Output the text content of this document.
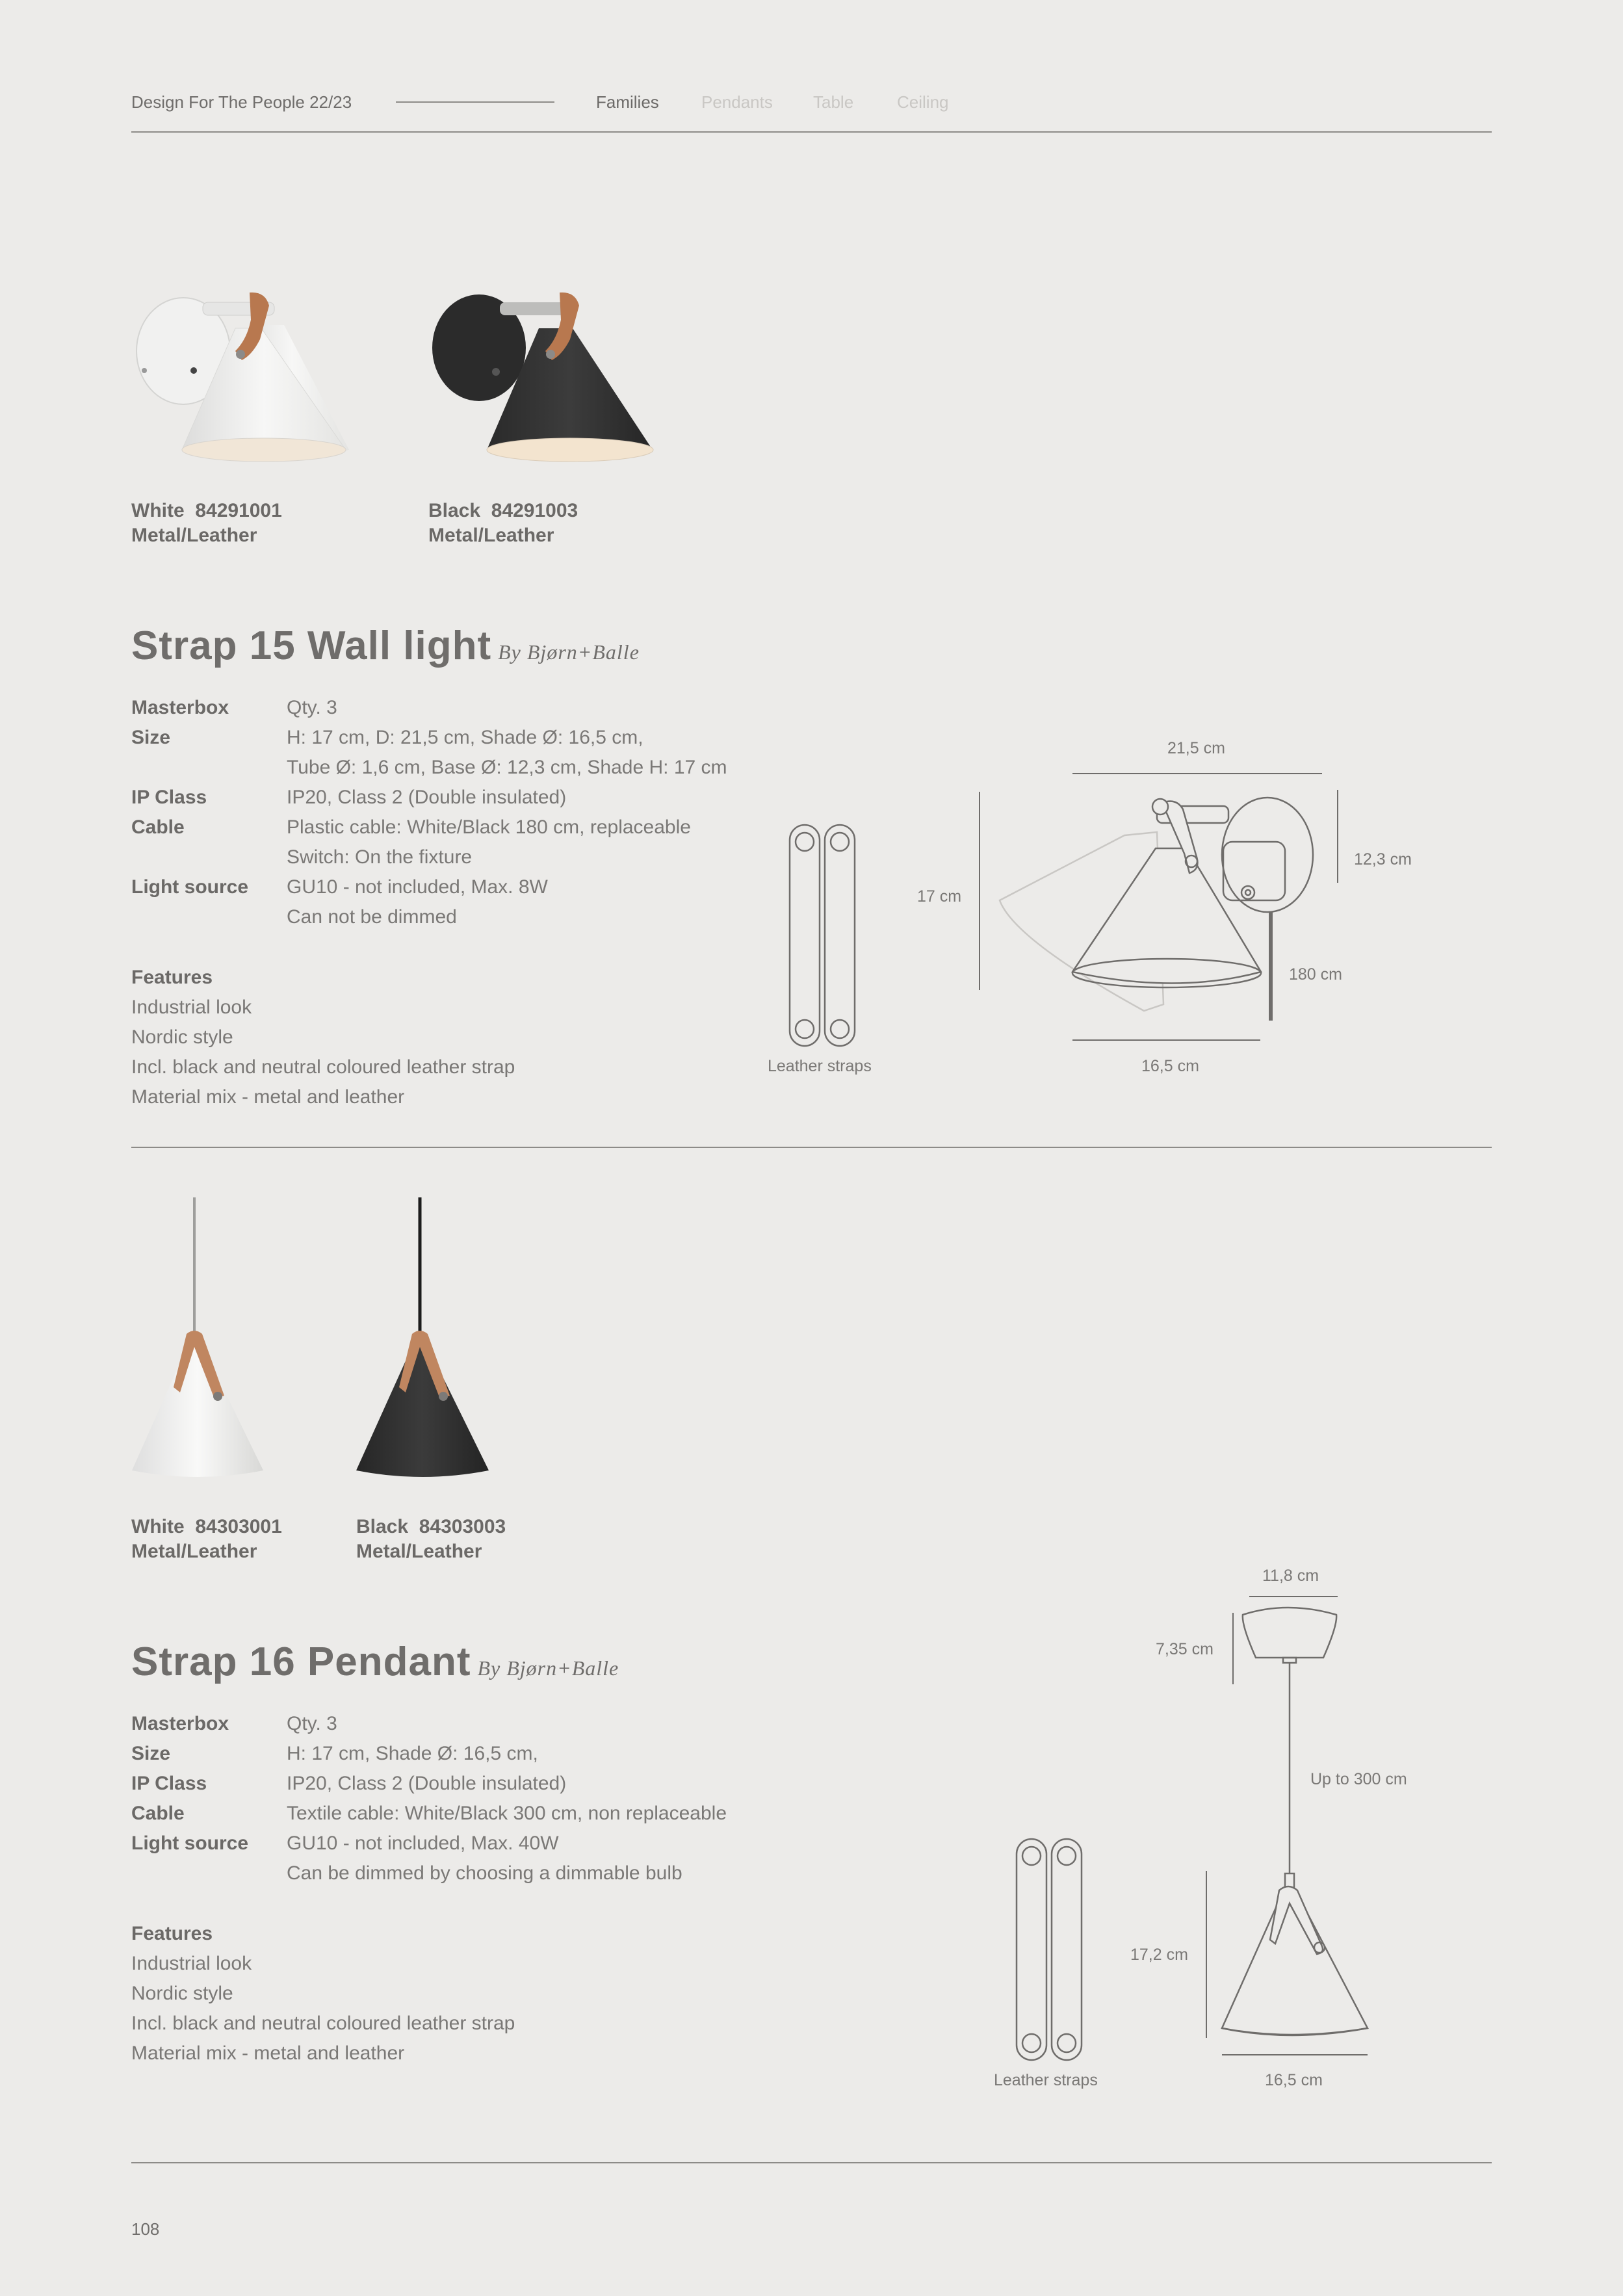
Design For The People 22/23	Families	Pendants Table	Ceiling
White 84291001
Metal/Leather
Black 84291003
Metal/Leather
Strap 15 Wall light By Bjørn+Balle
Masterbox	Qty. 3
Size	H: 17 cm, D: 21,5 cm, Shade Ø: 16,5 cm,
Tube Ø: 1,6 cm, Base Ø: 12,3 cm, Shade H: 17 cm
IP Class	IP20, Class 2 (Double insulated)
Cable	Plastic cable: White/Black 180 cm, replaceable
Switch: On the fixture
Light source GU10 - not included, Max. 8W
Can not be dimmed
Features
Industrial look
Nordic style
Incl. black and neutral coloured leather strap
Material mix - metal and leather
Leather straps
21,5 cm
17 cm
12,3 cm
180 cm
16,5 cm
White 84303001
Metal/Leather
Black 84303003
Metal/Leather
Strap 16 Pendant By Bjørn+Balle
Masterbox	Qty. 3
Size	H: 17 cm, Shade Ø: 16,5 cm,
IP Class	IP20, Class 2 (Double insulated)
Cable	Textile cable: White/Black 300 cm, non replaceable
Light source GU10 - not included, Max. 40W
Can be dimmed by choosing a dimmable bulb
Features
Industrial look
Nordic style
Incl. black and neutral coloured leather strap
Material mix - metal and leather
Leather straps
11,8 cm
7,35 cm
Up to 300 cm
17,2 cm
16,5 cm
108
